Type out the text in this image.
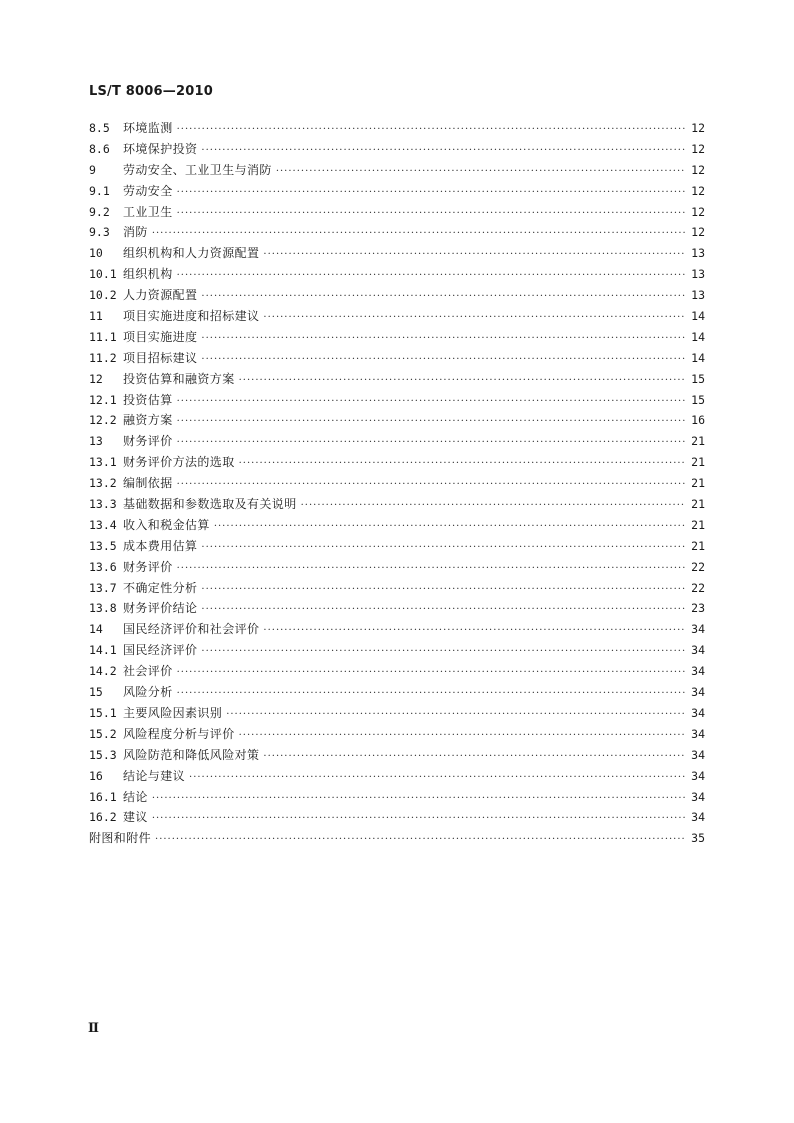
LS/T 8006—2010
8.5	环境监测 ·····	12
8.6	环境保护投资 ·····	12
9	劳动安全、工业卫生与消防 ·····	12
9.1	劳动安全 ·····	12
9.2	工业卫生 ·····	12
9.3	消防 ·····	12
10	组织机构和人力资源配置 ·····	13
10.1 组织机构 ·····	13
10.2 人力资源配置 ·····	13
11	项目实施进度和招标建议 ·····	14
11.1 项目实施进度 ·····	14
11.2 项目招标建议 ·····	14
12	投资估算和融资方案 ·····	15
12.1 投资估算 ·····	15
12.2 融资方案 ·····	16
13	财务评价 ·····	21
13.1 财务评价方法的选取 ·····	21
13.2 编制依据 ·····	21
13.3 基础数据和参数选取及有关说明 ·····	21
13.4 收入和税金估算 ·····	21
13.5 成本费用估算 ·····	21
13.6 财务评价 ·····	22
13.7 不确定性分析 ·····	22
13.8 财务评价结论 ·····	23
14	国民经济评价和社会评价 ·····	34
14.1 国民经济评价 ·····	34
14.2 社会评价 ·····	34
15	风险分析 ·····	34
15.1 主要风险因素识别 ·····	34
15.2 风险程度分析与评价 ·····	34
15.3 风险防范和降低风险对策 ·····	34
16	结论与建议 ·····	34
16.1 结论 ·····	34
16.2 建议 ·····	34
附图和附件 ·····	35
Ⅱ
